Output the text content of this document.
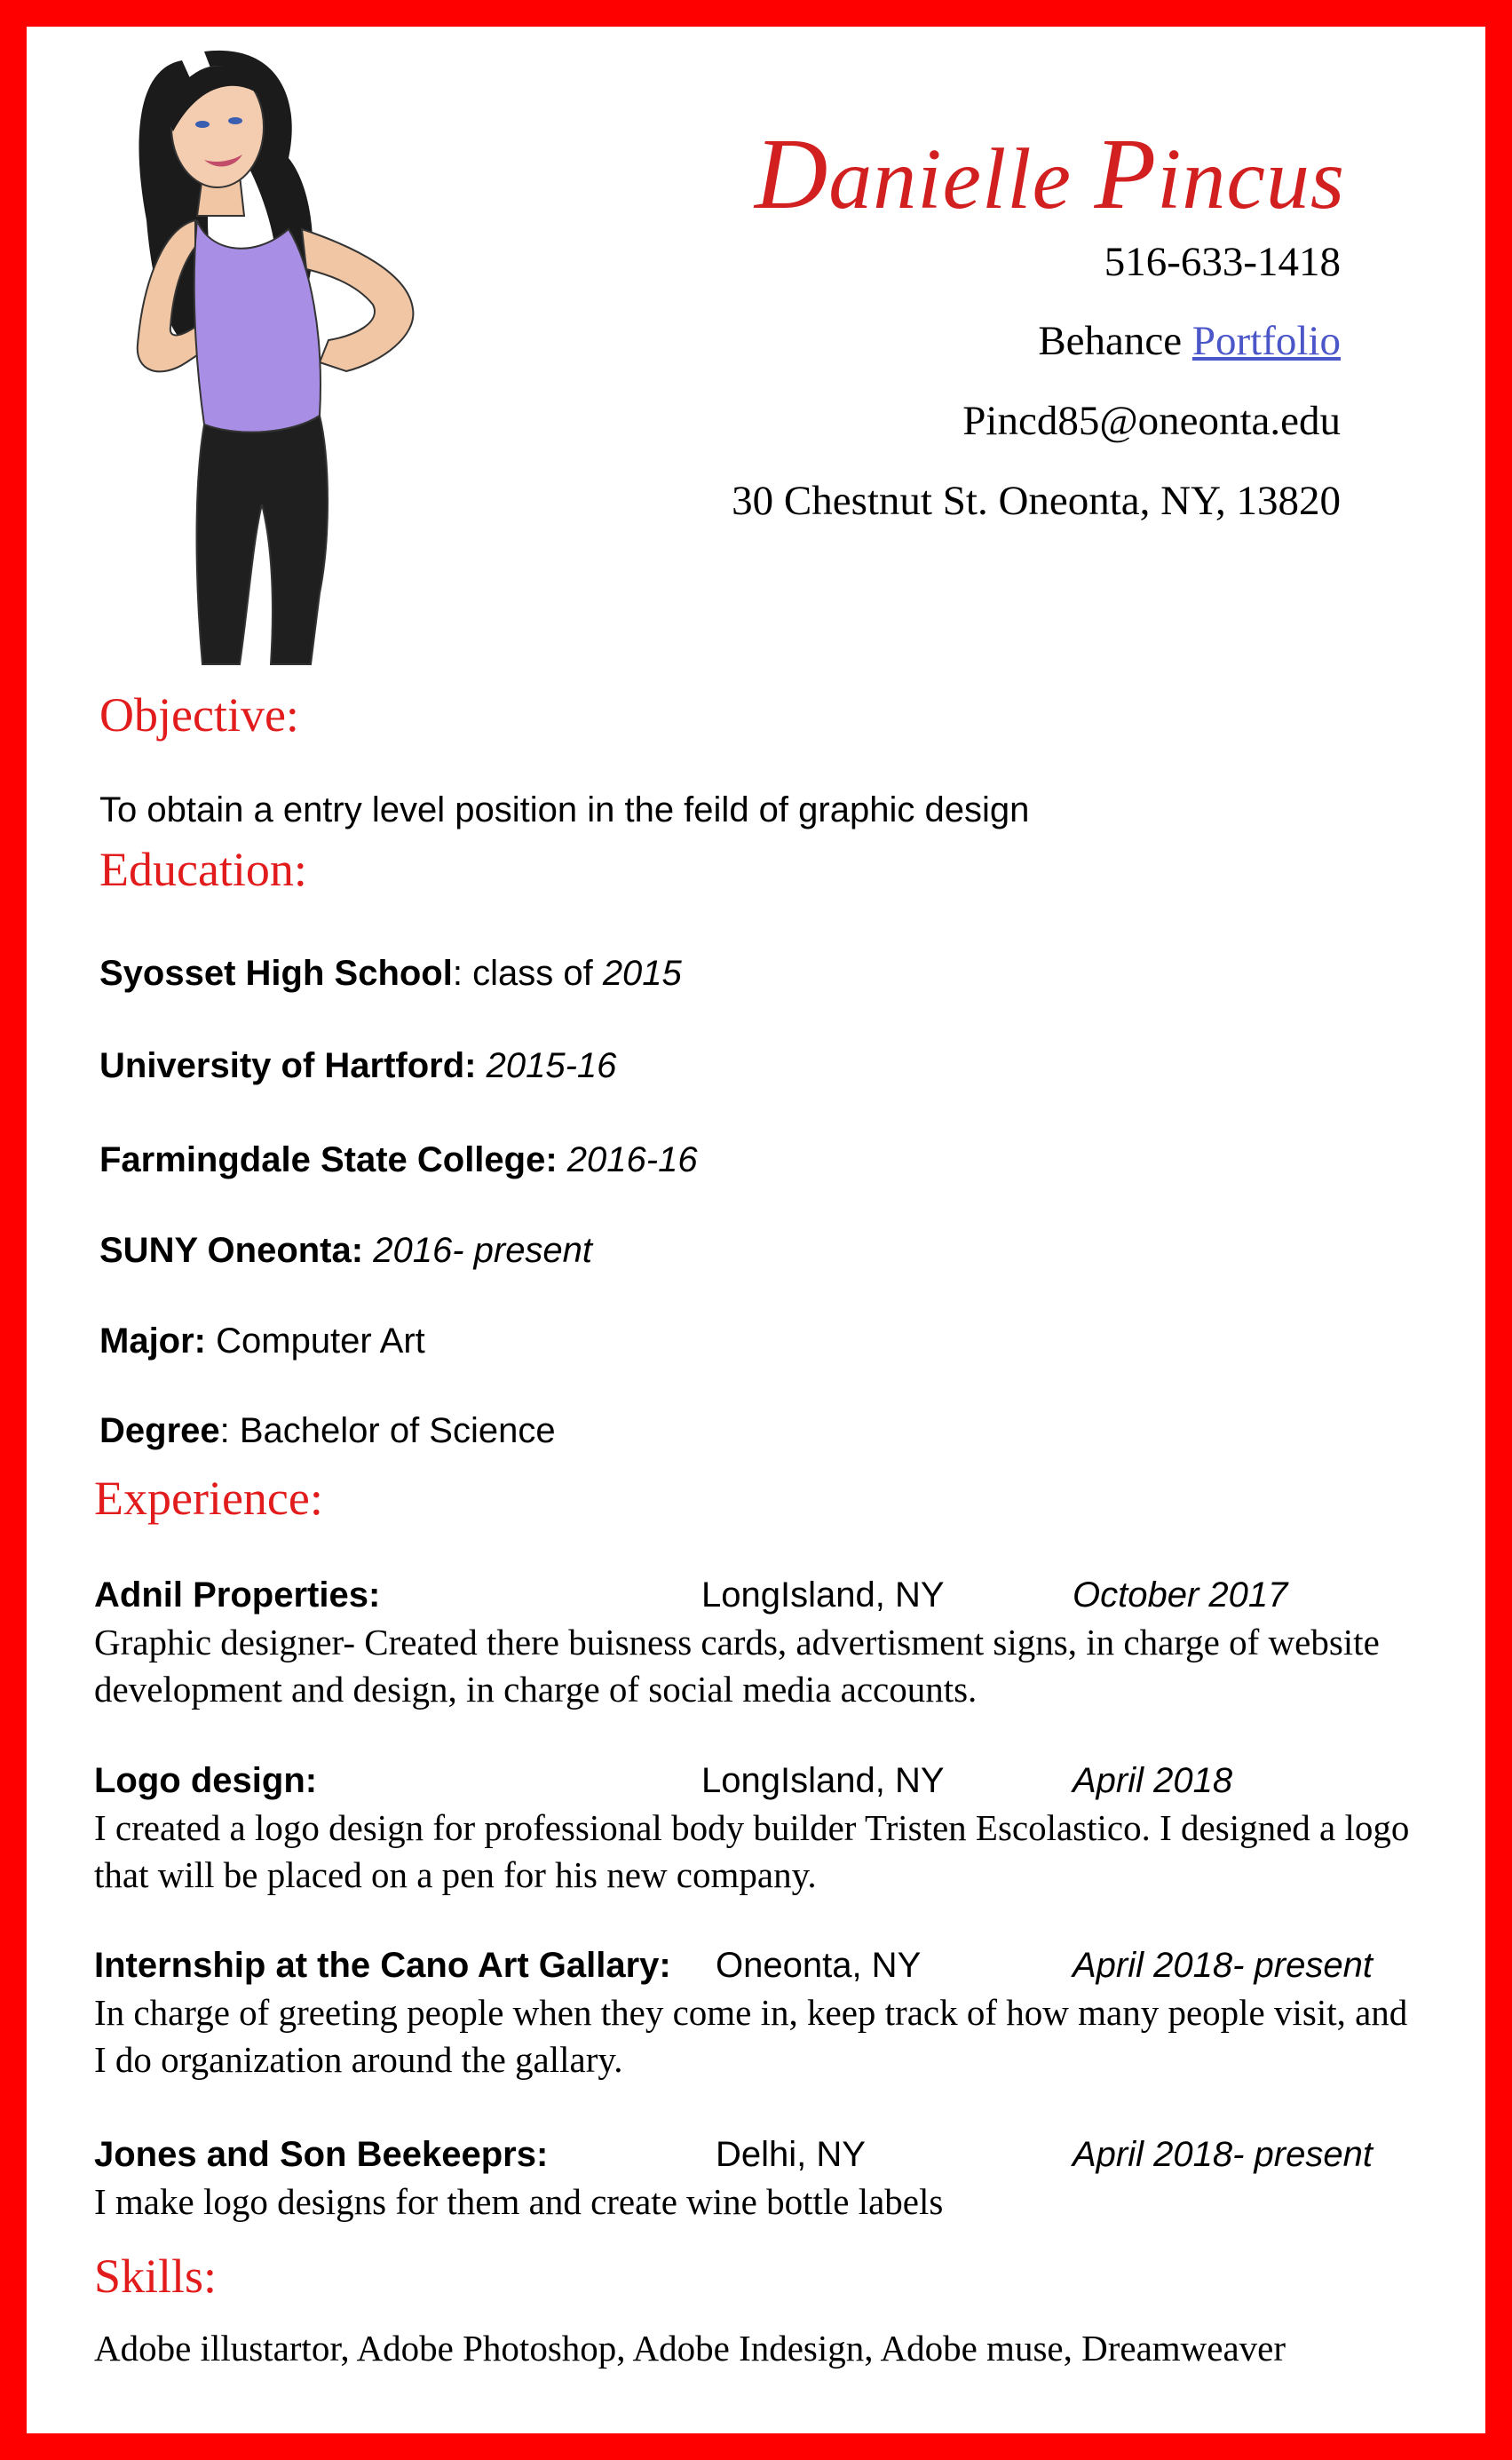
Danielle Pincus
516-633-1418
Behance Portfolio
Pincd85@oneonta.edu
30 Chestnut St. Oneonta, NY, 13820
Objective:
To obtain a entry level position in the feild of graphic design
Education:
Syosset High School: class of 2015
University of Hartford: 2015-16
Farmingdale State College: 2016-16
SUNY Oneonta: 2016- present
Major: Computer Art
Degree: Bachelor of Science
Experience:
Adnil Properties:	LongIsland, NY	October 2017
Graphic designer- Created there buisness cards, advertisment signs, in charge of website development and design, in charge of social media accounts.
Logo design:	LongIsland, NY	April 2018
I created a logo design for professional body builder Tristen Escolastico. I designed a logo that will be placed on a pen for his new company.
Internship at the Cano Art Gallary: Oneonta, NY	April 2018- present
In charge of greeting people when they come in, keep track of how many people visit, and I do organization around the gallary.
Jones and Son Beekeeprs:	Delhi, NY	April 2018- present
I make logo designs for them and create wine bottle labels
Skills:
Adobe illustartor, Adobe Photoshop, Adobe Indesign, Adobe muse, Dreamweaver
